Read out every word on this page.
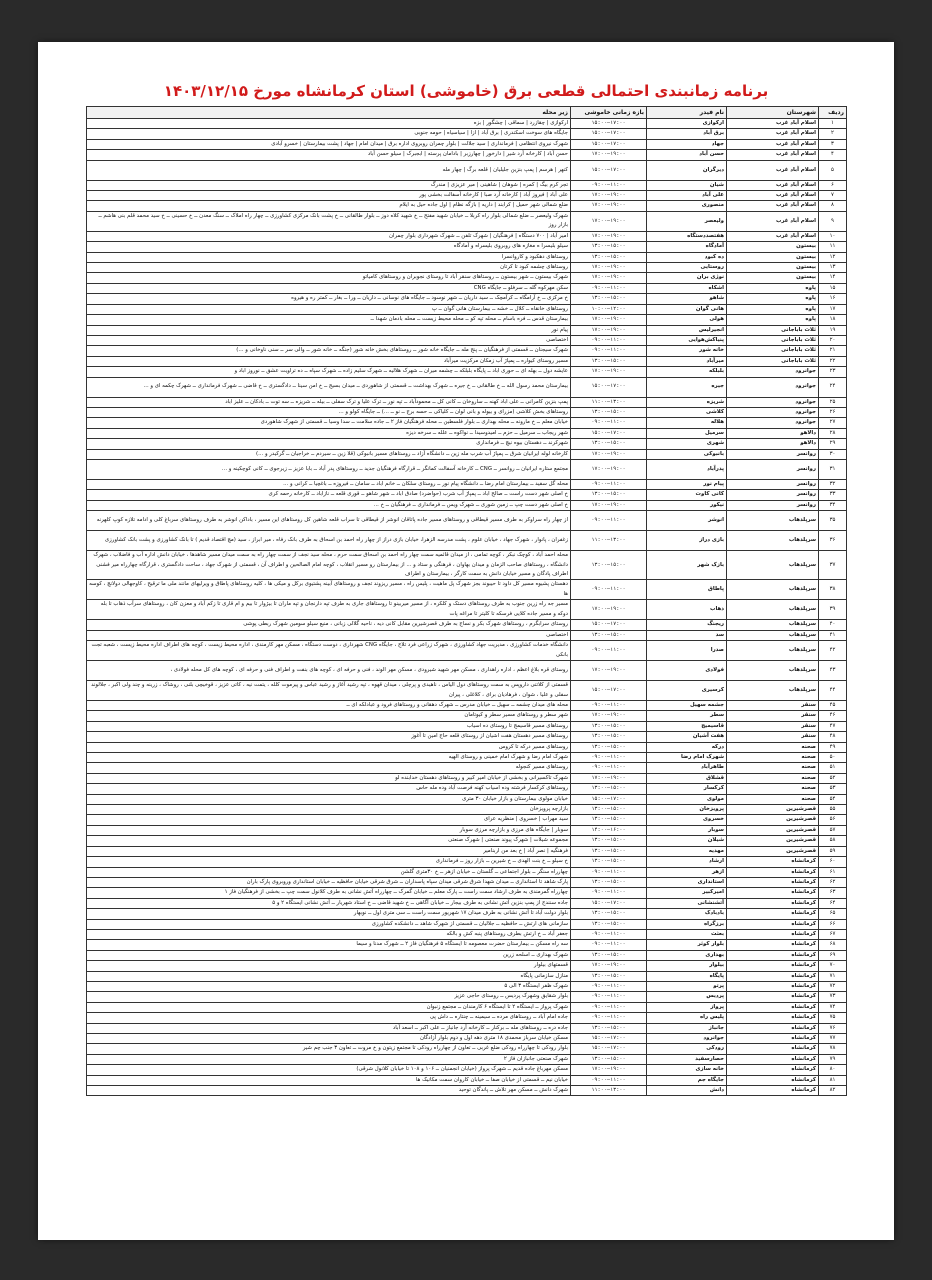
برنامه زمانبندی احتمالی قطعی برق (خاموشی) استان کرمانشاه مورخ ۱۴۰۳/۱۲/۱۵
ردیف	شهرستان	نام فیدر	بازه زمانی خاموشی	زیر محله
۱	اسلام آباد غرب	ارکوازی	۱۵:۰۰—۱۷:۰۰	ارکوازی | چقازرد | سماقی | چشگور | بزه
۲	اسلام آباد غرب	برق آباد	۱۵:۰۰—۱۷:۰۰	جایگاه های سوخت اسکندری | برق آباد | ازا | سیاسیاه | حومه جنوبی
۳	اسلام آباد غرب	جهاد	۱۵:۰۰—۱۷:۰۰	شهرک نیروی انتظامی | فرمانداری | سید جلالت | بلوار چمران روبروی اداره برق | میدان امام | جهاد | پشت بیمارستان | خسرو آبادی
۴	اسلام آباد غرب	حسن آباد	۱۷:۰۰—۱۹:۰۰	حسن آباد | کارخانه آرد شیر | دارخور | چهارزبر | بادامان پرسته | ابجبرک | سیلو حسن آباد
۵	اسلام آباد غرب	دیرگران	۱۵:۰۰—۱۷:۰۰	کنهر | هرسم | پمپ بنزین جلیلیان | قلعه برگ | چهار مله
۶	اسلام آباد غرب	شیان	۰۹:۰۰—۱۱:۰۰	تجر کرم بیگ | کمره | شوهان | شاهینی | میر عزیزی | مندرگ
۷	اسلام آباد غرب	علی آباد	۱۷:۰۰—۱۹:۰۰	علی آباد | فیروز آباد | کارخانه آرد صبا | کارخانه آسفالت بخشی پور
۸	اسلام آباد غرب	منصوری	۱۷:۰۰—۱۹:۰۰	ضلع شمالی شهر حمیل | کرابند | داریه | بازگه نظام | اول جاده حیل به ایلام
۹	اسلام آباد غرب	ولیعصر	۱۷:۰۰—۱۹:۰۰	شهرک ولیعصر ــ ضلع شمالی بلوار راه کربلا ــ خیابان شهید مفتح ــ خ شهید کلاه دوز ــ بلوار طالقانی ــ خ پشت بانک مرکزی کشاورزی ــ چهار راه املاک ــ سنگ معدن ــ خ حسینی ــ خ سید محمد قلم بنی هاشم ــ بازار روز
۱۰	اسلام آباد غرب	هفتصددستگاه	۱۷:۰۰—۱۹:۰۰	امیر آباد | ۷۰۰ دستگاه | فرهنگیان | شهرک تلفن ــ شهرک شهرداری بلوار چمران
۱۱	بیستون	آمادگاه	۱۳:۰۰—۱۵:۰۰	سیلو بلیسرا ه مغازه های روبروی بلیسراه و آمادگاه
۱۲	بیستون	ده کبود	۱۳:۰۰—۱۵:۰۰	روستاهای دهکبود و کاروانسرا
۱۳	بیستون	روستایی	۱۷:۰۰—۱۹:۰۰	روستاهای چشمه کبود تا کرتان
۱۴	بیستون	نوژی بران	۱۷:۰۰—۱۹:۰۰	شهرک بیستون ــ شهر بیستون ــ روستاهای سنقر آباد تا روستای نجوبران و روستاهای کامیاتو
۱۵	پاوه	اشکاه	۰۹:۰۰—۱۱:۰۰	سکن مهرکوه گله ــ سرفلو ــ جایگاه CNG
۱۶	پاوه	شاهو	۱۳:۰۰—۱۵:۰۰	خ مرکزی ــ خ آرامگاه ــ کرآمچک ــ سید داریان ــ شهر نوسود ــ جایگاه های نوسانی ــ داریان ــ ورا ــ بغار ــ کمتر ره و هیروه
۱۷	پاوه	هانی گوان	۱۰:۰۰—۱۲:۰۰	روستاهای خانقاه ــ کلال ــ خشه ــ بیمارستان هانی گوان ــ پ
۱۸	پاوه	هولی	۱۷:۰۰—۱۹:۰۰	بیمارستان قدس ــ فره باسام ــ محله تپه کو ــ محله محیط زیست ــ محله بادمان شهدا ــ
۱۹	ثلاث باباجانی	انجیرلیس	۱۷:۰۰—۱۹:۰۰	پیام نور
۲۰	ثلاث باباجانی	پنیاکش‌هوایی	۰۹:۰۰—۱۱:۰۰	اختصاصی
۲۱	ثلاث باباجانی	خانه شور	۰۹:۰۰—۱۱:۰۰	شهرک سیجنان ــ قسمتی از فرهنگیان ــ پنج مله ــ جایگاه خانه شور ــ روستاهای بخش خانه شور (جنگه ــ خانه شور ــ والی سر ــ سنی ناوخانی و ...)
۲۲	ثلاث باباجانی	میرآباد	۱۳:۰۰—۱۵:۰۰	مسیر روستای کیواره ــ پمپاژ آب زمکان مرکزیت میرآباد
۲۳	جوانرود	بلبلکه	۱۷:۰۰—۱۹:۰۰	عایشه دول ــ بهله ای ــ حوری اباد ــ پایگاه بلبلکه ــ چشمه میران ــ شهرک هلالیه ــ شهرک سلیم زاده ــ شهرک سپاه ــ ده تراویت عشق ــ نوروز اباد و
۲۴	جوانرود	جیره	۱۵:۰۰—۱۷:۰۰	بیمارستان محمد رسول الله ــ خ طالقانی ــ خ جیره ــ شهرک بهداشت ــ قسمتی از شاهوردی ــ میدان بسیج ــ خ امن سینا ــ دادگستری ــ خ قاضی ــ شهرک فرمانداری ــ شهرک چکمه ای و ...
۲۵	جوانرود	شریزه	۱۱:۰۰—۱۳:۰۰	پمپ بنزین کامرانی ــ علی اباد کهنه ــ ساروخان ــ کانی کل ــ محمودآباد ــ تپه نور ــ ترک علیا و ترک سفلی ــ بیله ــ شریزه ــ سه توت ــ بادکان ــ علیز اباد
۲۶	جوانرود	کلاشی	۱۳:۰۰—۱۵:۰۰	روستاهای بخش کلاشی (مزرای و بیوله و بانی لوان ــ کلیاکی ــ حسه برج ــ نو ــ ...) ــ جایگاه کولو و ...
۲۷	جوانرود	هلاله	۰۹:۰۰—۱۱:۰۰	خیابان معلم ــ خ مارونه ــ محله بهداری ــ بلوار فلسطین ــ محله فرهنگیان فاز ۲ ــ جاده سلامت ــ سدا وسیا ــ قسمتی از شهرک شاهوردی
۲۸	دالاهو	سرمیل	۱۵:۰۰—۱۷:۰۰	شهر ریجاب ــ سرمیل ــ حزم ــ امیدوسیدا ــ نواکوه ــ علله ــ سرخه دیزه
۲۹	دالاهو	شهری	۱۳:۰۰—۱۵:۰۰	شهرکرند ــ دهستان بیوه نیچ ــ فرمانداری
۳۰	روانسر	بانبوکی	۱۷:۰۰—۱۹:۰۰	کارخانه لوله ایرانیان شرق ــ پمپاژ آب شرب مله زین ــ دانشگاه آزاد ــ روستاهای مسیر بانبوکی (قلا زین ــ سیردم ــ خراجیان ــ گرکیدر و ...)
۳۱	روانسر	پدرآباد	۱۷:۰۰—۱۹:۰۰	مجتمع ستاره ایرانیان ــ روانسر ــ CNG ــ کارخانه آسفالت کمانگر ــ قرارگاه فرهنگیان جدید ــ روستاهای پدر آباد ــ بابا عزیز ــ زیرجوی ــ کانی کوچکینه و ...
۳۲	روانسر	پیام نور	۰۹:۰۰—۱۱:۰۰	محله گل سفید ــ بیمارستان امام رضا ــ دانشگاه پیام نور ــ روستای سلکان ــ خانم اباد ــ سامان ــ فیروزه ــ باغچیا ــ کرانی و ...
۳۳	روانسر	کانی کاوت	۱۳:۰۰—۱۵:۰۰	خ اصلی شهر دست راست ــ صالح اباد ــ پمپاژ آب شرب (حواضرد) صادق اباد ــ شهر شاهو ــ قوری قلعه ــ نازاباد ــ کارخانه رحمه کری
۳۴	روانسر	نیکور	۱۷:۰۰—۱۹:۰۰	خ اصلی شهر دست چپ ــ زمین شوری ــ شهرک ویس ــ فرمانداری ــ فرهنگیان ــ خ ...
۳۵	سرپلذهاب	انوشر	۰۹:۰۰—۱۱:۰۰	از چهار راه سراوکر به طرف مسیر قیطاقی و روستاهای مسیر جاده پاتاقان انوشر از قیطاقی تا سراب قلعه شاهین کل روستاهای این مسیر ، باداکن انوشر به طرف روستاهای سرباغ کلی و ادامه تلازه کوپ کلهرنه
۳۶	سرپلذهاب	بازی دراز	۱۱:۰۰—۱۳:۰۰	زغفران ، پانوار ، شهرک جهاد ، خیابان علوم ، پشت مدرسه الزهرا، خیابان بازی دراز از چهار راه احمد بن اسحاق به طرف بانک رفاه ، میر ابراز ، سید (مچ اقتصاد قدیم ) تا بانک کشاورزی و پشت بانک کشاورزی
۳۷	سرپلذهاب	بازک شهر	۱۳:۰۰—۱۵:۰۰	محله احمد آباد ، کوچک نبکر ، کوچه تمامی ، از میدان قائمیه سمت چهار راه احمد بن اسحاق سمت حرم ، محله سید نجف از سمت چهار راه به سمت میدان مسیر شاهدها ، خیابان دانش اداره آب و فاضلاب ، شهرک دانشگاه ، روستاهای صاحب الزمان و میدان بهاوان ، فرهنگی و ستاد و ... از بیمارستان رو مسیر انقلاب ، کوچه امام الصالحین و اطراف آن ، قسمتی از شهرک جهاد ، ساحت دادگستری ، قرارگاه چهارراه میر فشنی اطراف پادگان و مسیر خیابان دانش به سمت کارگر ، بیمارستان و اطراف
۳۸	سرپلذهاب	پاطاق	۰۹:۰۰—۱۱:۰۰	دهستان پشیوه مسیر کل داود تا حیبوند بجز شهرک پل ماهیت ، پلیس راه ، مسیر ریزوند تجف و روستاهای آبینه پشتیوی برکل و میکی ها ، کلیه روستاهای پاطاق و ویرلیهای مانند ملی ما ترقیح ، کاوجهالی دولانچ ، کوسه ها
۳۹	سرپلذهاب	ذهاب	۱۷:۰۰—۱۹:۰۰	مسیر جه راه زرین جنوب به طرف روستاهای دستک و کلکره ، از مسیر میربینو تا روستاهای جاری به طرف تپه دارنجان و تپه ماران تا بیژوار تا بیم و ام قاری تا زکم آباد و معزن کان ، روستاهای سرآب ذهاب تا بله دوکه و مسیر جاده کلایی فرسکه تا کلیتر تا مراغه پات
۴۰	سرپلذهاب	ریجنگ	۱۵:۰۰—۱۷:۰۰	روستای سرابگرم ، روستاهای شهرک بکر و نساج به طرف قصرشیرین مقابل کانی دیه ، ناحیه گلالی زبانی ، منبع سیلو سومین شهرک ربطی پوشی
۴۱	سرپلذهاب	سد	۱۳:۰۰—۱۵:۰۰	اختصاصی
۴۲	سرپلذهاب	صدرا	۰۹:۰۰—۱۱:۰۰	دانشگاه خدمات کشاورزی ، مدیریت جهاد کشاورزی ، شهرک زراعی فرد تلاج ، جایگاه CNG شهرداری ، دوست دستگاه ، مسکن مهر کارمندی ، اداره محیط زیست ، کوچه های اطراف اداره محیط زیست ، شعبه تجت بانکی
۴۳	سرپلذهاب	فولادی	۱۷:۰۰—۱۹:۰۰	روستای قره بلاغ اعظم ، اداره راهداری ، مسکن مهر شهید شیرودی ، مسکن مهر الوند ، فنی و حرفه ای ، کوچه های بنفت و اطراف فنی و حرفه ای ، کوچه های کل محله فولادی ،
۴۴	سرپلذهاب	کرسیری	۱۵:۰۰—۱۷:۰۰	قسمتی از کلاتنی داروپس به سمت روستاهای دول الیاس ، ناهیدی و پرچلی ، میدان قهوه ، تپه رشید آغاز و رشید عباس و پیرموت کلله ، یتمت نیه ، کاتی عزیز ، قوخیچی بلنی ، روشاک ، زرینه و چند ولی اکبر ، جلالوند سفلی و علیا ، شوان ، فرهادیان برای ، کلاغلی ، پیران
۴۵	سنقر	جشمه سهیل	۰۹:۰۰—۱۱:۰۰	محله های میدان چشمه ــ سهیل ــ خیابان مدرس ــ شهرک دهقانی و روستاهای فرود و عبادلکه ای ــ
۴۶	سنقر	سطر	۱۷:۰۰—۱۹:۰۰	شهر سطر و روستاهای مسیر سطر و کیوتامان
۴۷	سنقر	قاسیمیج	۱۳:۰۰—۱۵:۰۰	روستاهای مسیر قاسیمج تا روستای ده اسیاب
۴۸	سنقر	هفت آشیان	۱۳:۰۰—۱۵:۰۰	روستاهای مسیر دهستان هفت اشیان از روستای قلعه حاج امین تا آغوز
۴۹	صحنه	درکه	۱۳:۰۰—۱۵:۰۰	روستاهای مسیر درکه تا کروس
۵۰	صحنه	شهرک امام رضا	۰۹:۰۰—۱۱:۰۰	شهرک امام رضا و شهرک امام خمینی و روستای الهیه
۵۱	صحنه	طاهرآباد	۰۹:۰۰—۱۱:۰۰	روستاهای مسیر کنجوله
۵۲	صحنه	قشلاق	۱۷:۰۰—۱۹:۰۰	شهرک تاکسیرانی و بخشی از خیابان امیر کبیر و روستاهای دهستان خدابنده لو
۵۳	صحنه	کرکسار	۱۳:۰۰—۱۵:۰۰	روستاهای کرکسار فرشته وده اسیاب کهنه فرصت آباد وده مله حاس
۵۴	صحنه	مولوی	۱۵:۰۰—۱۷:۰۰	خیابان مولوی بیمارستان و بازار خیابان ۳۰ متری
۵۵	قصرشیرین	پرویزخان	۱۳:۰۰—۱۵:۰۰	بازارچه پرویزخان
۵۶	قصرشیرین	خسروی	۱۳:۰۰—۱۵:۰۰	سید مهراب | خسروی | منظریه عرای
۵۷	قصرشیرین	سوبار	۱۴:۰۰—۱۶:۰۰	سوبار | جایگاه های مرزی و بازارچه مرزی سوبار
۵۸	قصرشیرین	شیلان	۱۳:۰۰—۱۵:۰۰	مجموعه شیلات | شهرک پیوند صنعتی | شهرک صنعتی
۵۹	قصرشیرین	مهدیه	۱۳:۰۰—۱۵:۰۰	فرهنگیه | نصر آباد | خ بعد من اربنامیر
۶۰	کرمانشاه	ارشاد	۱۳:۰۰—۱۵:۰۰	خ سیلو ــ خ بنت الهدی ــ خ شیرین ــ بازار روز ــ فرمانداری
۶۱	کرمانشاه	ازهر	۰۹:۰۰—۱۱:۰۰	چهارراه سنگر ــ بلوار اجتماعی ــ گلستان ــ خیابان ازهر ــ خ ۳۰متری گلشن
۶۲	کرمانشاه	استانداری	۱۳:۰۰—۱۵:۰۰	پارک شاهد تا استانداری ــ میدان شهدا شرق شرقی میدان سپاه پاسداران ــ شرق شرقی خیابان حافظیه ــ خیابان استانداری وروبروی پارک باران
۶۳	کرمانشاه	امیرکبیر	۰۹:۰۰—۱۱:۰۰	چهارراه گمرمندی به طرف ارشاد سمت راست ــ پارک معلم ــ خیابان گمرک ــ چهارراه آتش نشانی به طرف کلانول سمت چپ ــ بخشی از فرهنگیان فاز ۱
۶۴	کرمانشاه	آتشنشانی	۱۵:۰۰—۱۷:۰۰	جاده سنندج از پمپ بنزین آتش نشانی به طرف بیجار ــ خیابان آگاهی ــ خ شهید قاضی ــ خ استاد شهریار ــ آتش نشانی ایستگاه ۲ و ۵
۶۵	کرمانشاه	بادبادک	۱۳:۰۰—۱۵:۰۰	بلوار دولت آباد تا آتش نشانی به طرف میدان ۱۷ شهریور سمت راست ــ سی متری اول ــ نوبهار
۶۶	کرمانشاه	برزگراه	۱۳:۰۰—۱۵:۰۰	سازمانی های ارتش ــ حافظیه ــ جلالیان ــ قسمتی از شهرک شاهد ــ دانشکده کشاورزی
۶۷	کرمانشاه	بعثت	۰۹:۰۰—۱۱:۰۰	جعفر آباد ــ خ ارتش بطرف روستاهای پنبه کش و بالکه
۶۸	کرمانشاه	بلوار کوثر	۰۹:۰۰—۱۱:۰۰	سه راه مسکن ــ بیمارستان حضرت معصومه تا ایستگاه ۵ فرهنگیان فاز ۲ ــ شهرک مدنا و سیما
۶۹	کرمانشاه	بهداری	۱۳:۰۰—۱۵:۰۰	شهرک بهداری ــ اسلحه زرین
۷۰	کرمانشاه	بیلوار	۱۷:۰۰—۱۹:۰۰	قسمتهای بیلوار
۷۱	کرمانشاه	پایگاه	۱۳:۰۰—۱۵:۰۰	منازل سازمانی پایگاه
۷۲	کرمانشاه	پرتو	۰۹:۰۰—۱۱:۰۰	شهرک ظفر ایستگاه ۳ الی ۵
۷۳	کرمانشاه	پردیس	۰۹:۰۰—۱۱:۰۰	بلوار شقایق وشهرک پردیس ــ روستای حاجی عزیز
۷۴	کرمانشاه	پرواز	۰۹:۰۰—۱۱:۰۰	شهرک پرواز ــ ایستگاه ۲ تا ایستگاه ۶ کارمندان ــ مجتمع زنبوان
۷۵	کرمانشاه	پلیس راه	۰۹:۰۰—۱۱:۰۰	جاده امام آباد ــ روستاهای مرده ــ سیمینه ــ چنتاره ــ داش پی
۷۶	کرمانشاه	جانباز	۱۳:۰۰—۱۵:۰۰	جاده دره ــ روستاهای مله ــ برکنار ــ کارخانه آرد جانباز ــ علی اکبر ــ اسعد آباد
۷۷	کرمانشاه	جوانرود	۱۵:۰۰—۱۷:۰۰	مسکن خیابان سرباز محمدی ۱۸ متری دهه اول و دوم بلوار آزادگان
۷۸	کرمانشاه	رودکی	۱۵:۰۰—۱۷:۰۰	بلوار رودکی تا چهارراه رودکی ضلع غربی ــ تعاون از چهارراه رودکی تا مجتمع زیتون و خ مروت ــ تعاون ۳ جنب چم شیر
۷۹	کرمانشاه	حصارسفید	۱۳:۰۰—۱۵:۰۰	شهرک صنعتی جانبازان فاز ۲
۸۰	کرمانشاه	خانه سازی	۱۷:۰۰—۱۹:۰۰	مسکن مهرباغ جاده قدیم ــ شهرک پرواز (خیابان انجمنیان ــ ۱۰۶ و ۱۰۸ تا خیابان کلانول شرقی)
۸۱	کرمانشاه	جایگاه جم	۰۹:۰۰—۱۱:۰۰	خیابان نیم ــ قسمتی از خیابان صفا ــ خیابان کاروان سمت مکانیک ها
۸۲	کرمانشاه	دانش	۱۱:۰۰—۱۳:۰۰	شهرک دانش ــ مسکن مهر تلاش ــ پاندگان توحید
